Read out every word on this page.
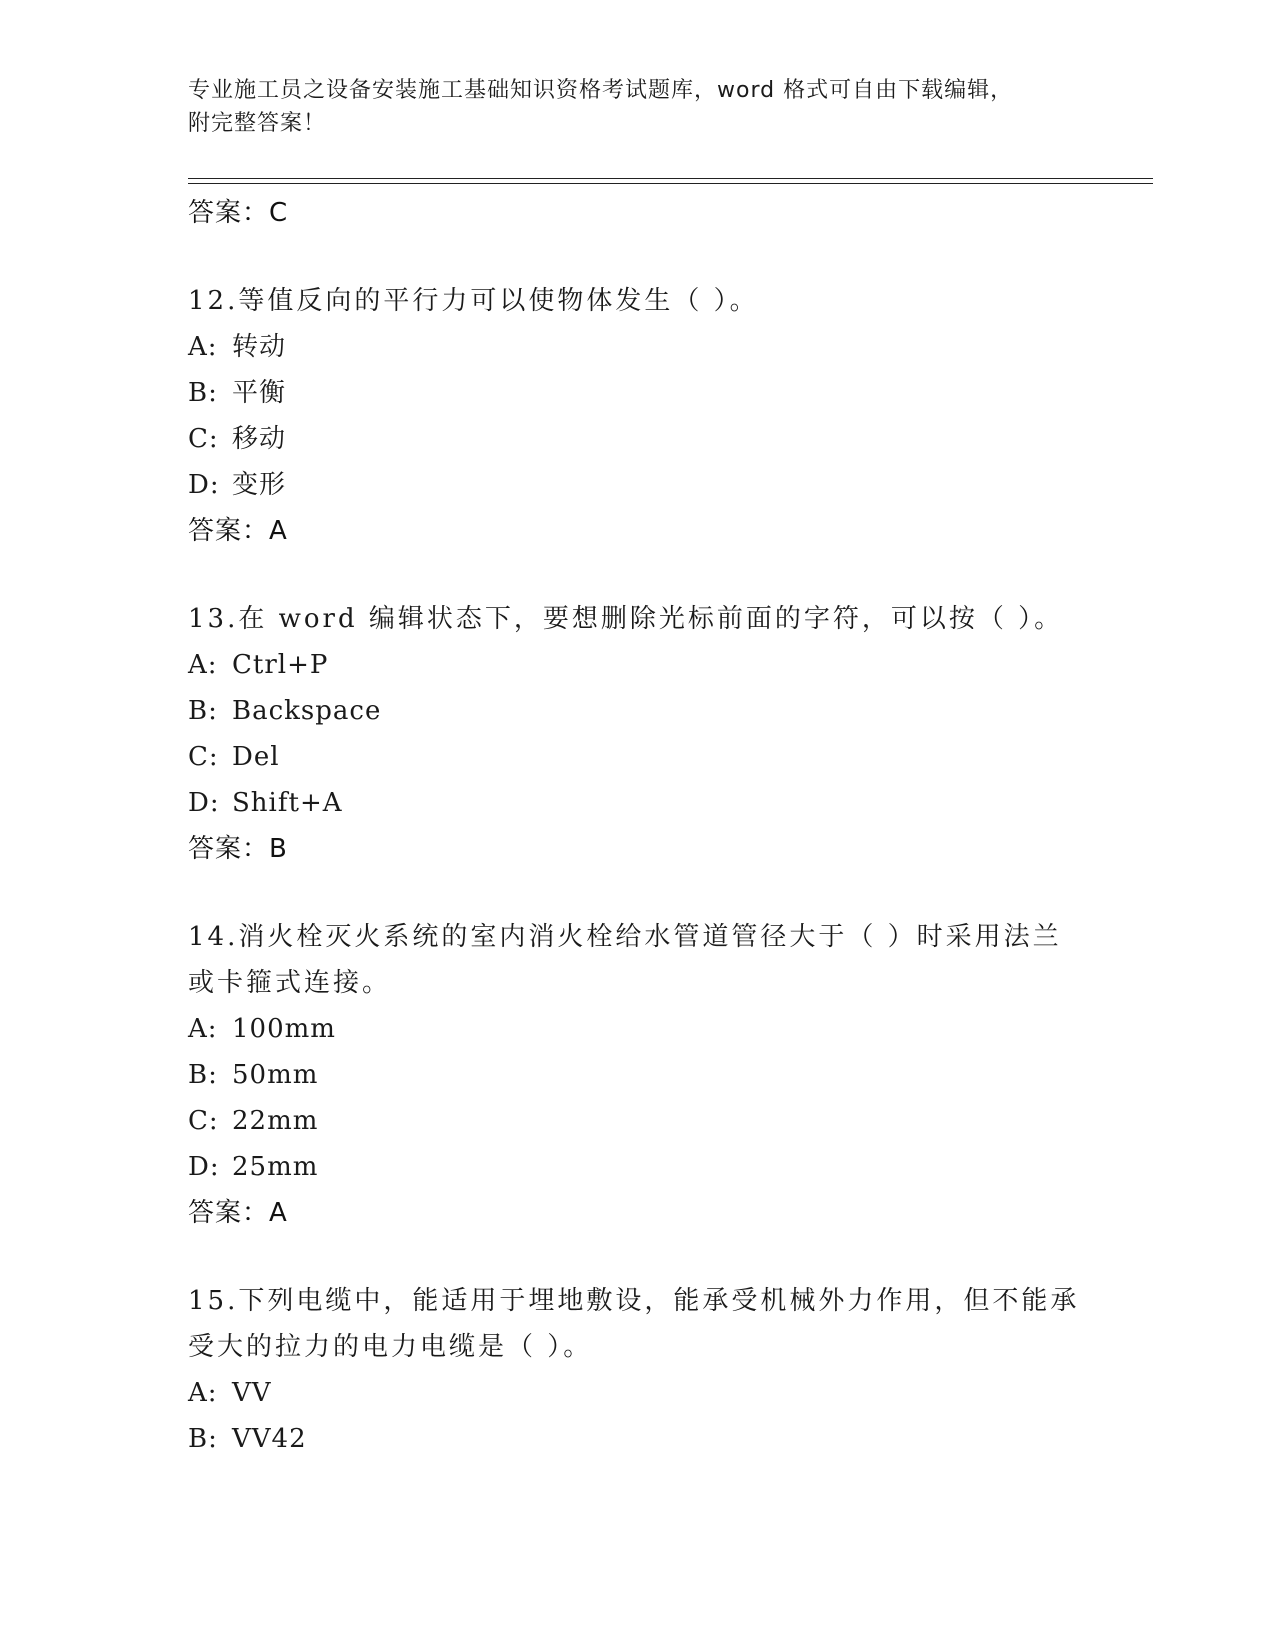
专业施工员之设备安装施工基础知识资格考试题库，word 格式可自由下载编辑，
附完整答案！
答案：C
12.等值反向的平行力可以使物体发生（ ）。
A: 转动
B: 平衡
C: 移动
D: 变形
答案：A
13.在 word 编辑状态下，要想删除光标前面的字符，可以按（ ）。
A: Ctrl+P
B: Backspace
C: Del
D: Shift+A
答案：B
14.消火栓灭火系统的室内消火栓给水管道管径大于（ ）时采用法兰或卡箍式连接。
A: 100mm
B: 50mm
C: 22mm
D: 25mm
答案：A
15.下列电缆中，能适用于埋地敷设，能承受机械外力作用，但不能承受大的拉力的电力电缆是（ ）。
A: VV
B: VV42
